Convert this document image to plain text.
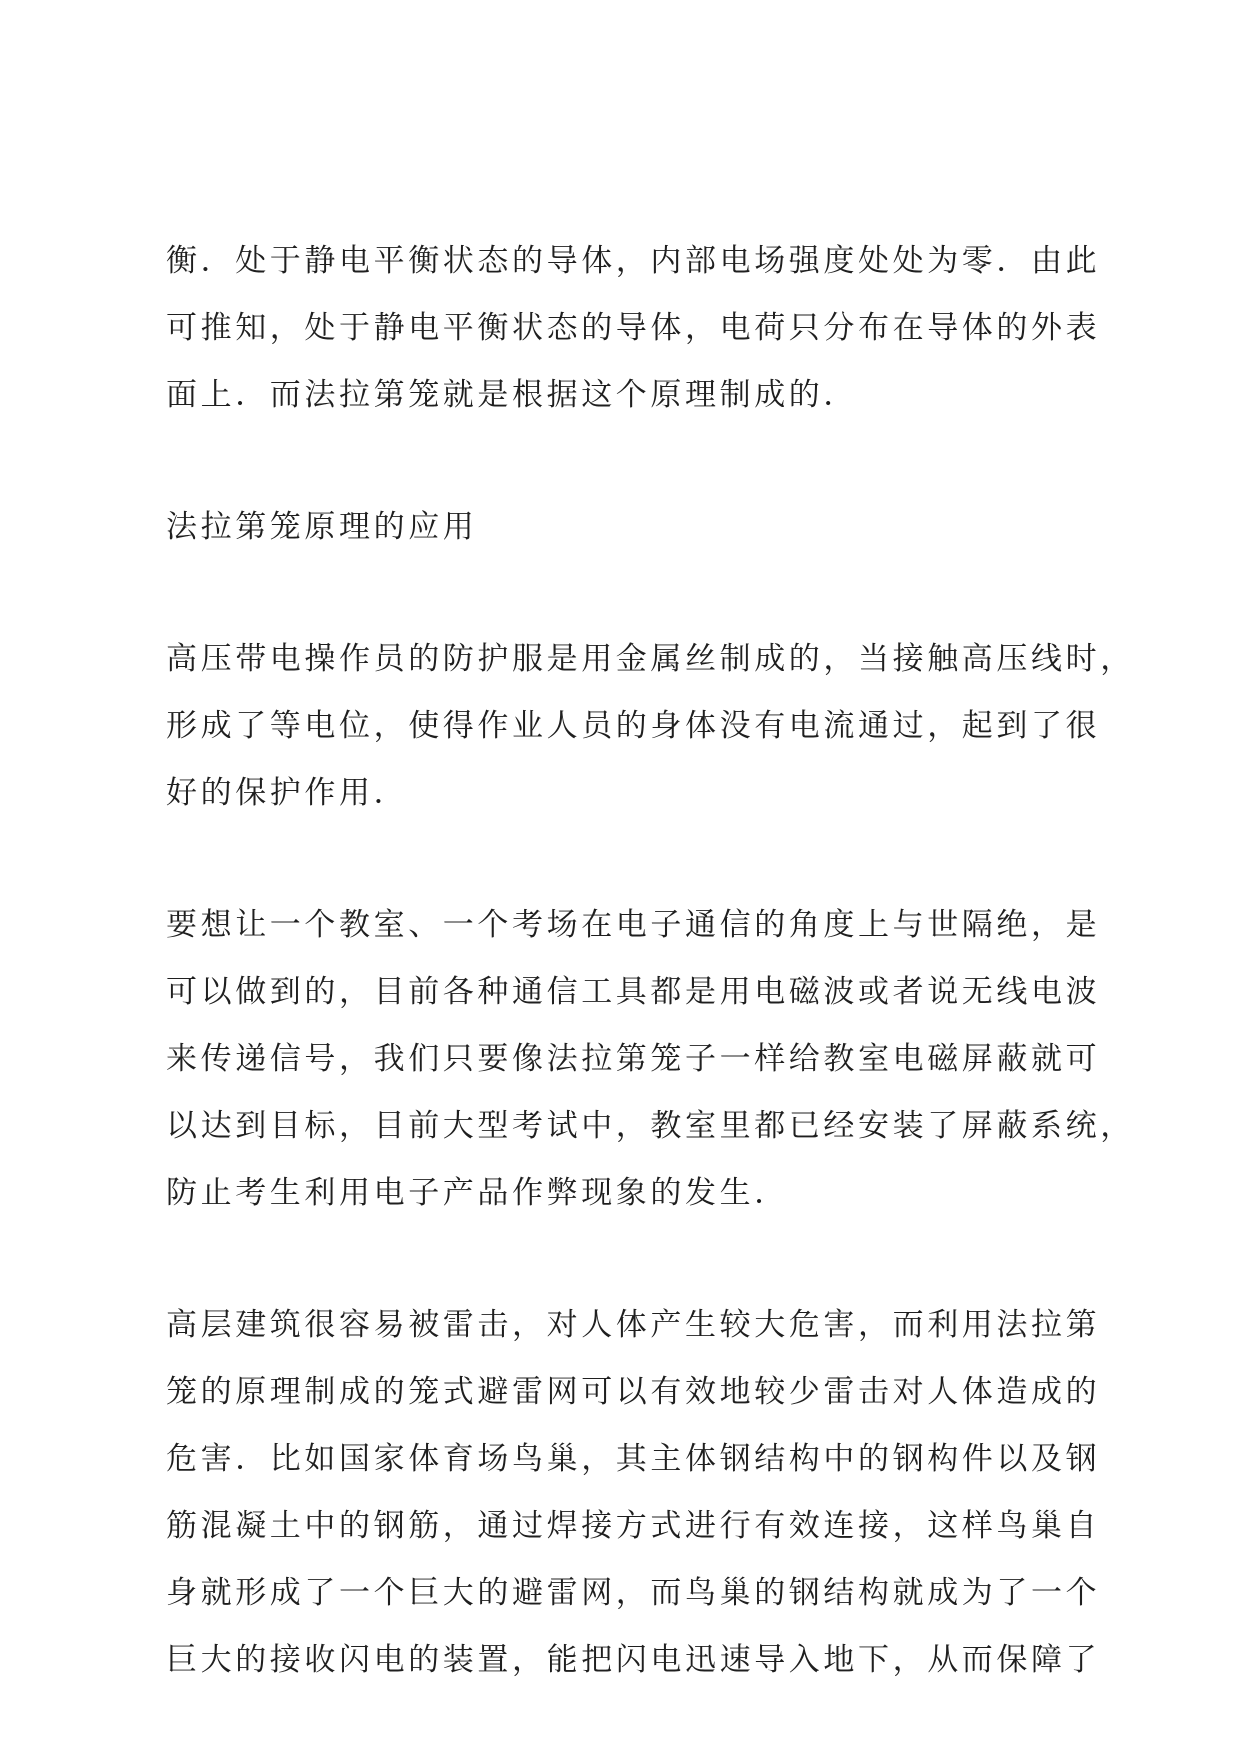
衡．处于静电平衡状态的导体，内部电场强度处处为零．由此
可推知，处于静电平衡状态的导体，电荷只分布在导体的外表
面上．而法拉第笼就是根据这个原理制成的．
法拉第笼原理的应用
高压带电操作员的防护服是用金属丝制成的，当接触高压线时，
形成了等电位，使得作业人员的身体没有电流通过，起到了很
好的保护作用．
要想让一个教室、一个考场在电子通信的角度上与世隔绝，是
可以做到的，目前各种通信工具都是用电磁波或者说无线电波
来传递信号，我们只要像法拉第笼子一样给教室电磁屏蔽就可
以达到目标，目前大型考试中，教室里都已经安装了屏蔽系统，
防止考生利用电子产品作弊现象的发生．
高层建筑很容易被雷击，对人体产生较大危害，而利用法拉第
笼的原理制成的笼式避雷网可以有效地较少雷击对人体造成的
危害．比如国家体育场鸟巢，其主体钢结构中的钢构件以及钢
筋混凝土中的钢筋，通过焊接方式进行有效连接，这样鸟巢自
身就形成了一个巨大的避雷网，而鸟巢的钢结构就成为了一个
巨大的接收闪电的装置，能把闪电迅速导入地下，从而保障了
